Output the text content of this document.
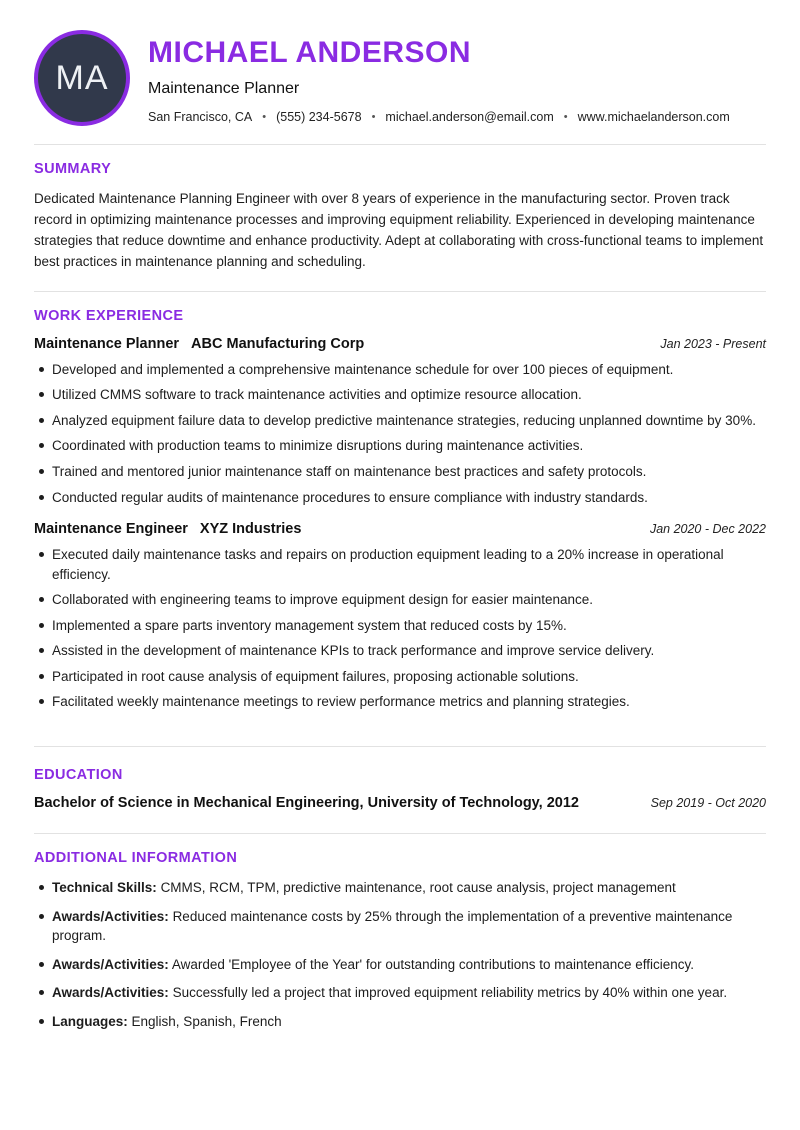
MA
MICHAEL ANDERSON
Maintenance Planner
San Francisco, CA • (555) 234-5678 • michael.anderson@email.com • www.michaelanderson.com
SUMMARY
Dedicated Maintenance Planning Engineer with over 8 years of experience in the manufacturing sector. Proven track record in optimizing maintenance processes and improving equipment reliability. Experienced in developing maintenance strategies that reduce downtime and enhance productivity. Adept at collaborating with cross-functional teams to implement best practices in maintenance planning and scheduling.
WORK EXPERIENCE
Maintenance Planner ABC Manufacturing Corp	Jan 2023 - Present
Developed and implemented a comprehensive maintenance schedule for over 100 pieces of equipment.
Utilized CMMS software to track maintenance activities and optimize resource allocation.
Analyzed equipment failure data to develop predictive maintenance strategies, reducing unplanned downtime by 30%.
Coordinated with production teams to minimize disruptions during maintenance activities.
Trained and mentored junior maintenance staff on maintenance best practices and safety protocols.
Conducted regular audits of maintenance procedures to ensure compliance with industry standards.
Maintenance Engineer XYZ Industries	Jan 2020 - Dec 2022
Executed daily maintenance tasks and repairs on production equipment leading to a 20% increase in operational efficiency.
Collaborated with engineering teams to improve equipment design for easier maintenance.
Implemented a spare parts inventory management system that reduced costs by 15%.
Assisted in the development of maintenance KPIs to track performance and improve service delivery.
Participated in root cause analysis of equipment failures, proposing actionable solutions.
Facilitated weekly maintenance meetings to review performance metrics and planning strategies.
EDUCATION
Bachelor of Science in Mechanical Engineering, University of Technology, 2012	Sep 2019 - Oct 2020
ADDITIONAL INFORMATION
Technical Skills: CMMS, RCM, TPM, predictive maintenance, root cause analysis, project management
Awards/Activities: Reduced maintenance costs by 25% through the implementation of a preventive maintenance program.
Awards/Activities: Awarded 'Employee of the Year' for outstanding contributions to maintenance efficiency.
Awards/Activities: Successfully led a project that improved equipment reliability metrics by 40% within one year.
Languages: English, Spanish, French
